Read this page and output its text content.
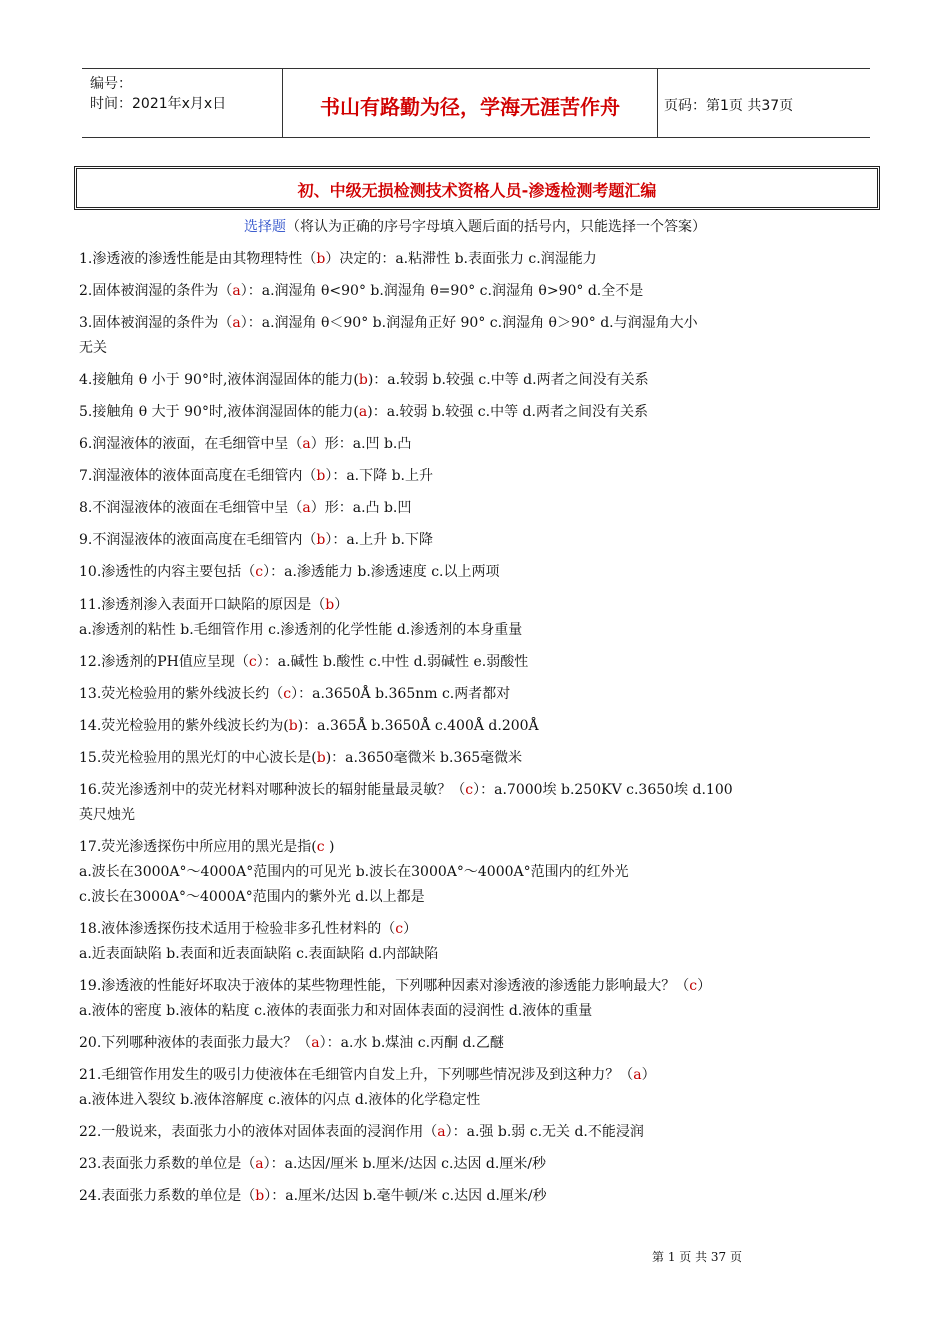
编号：
时间：2021年x月x日	书山有路勤为径，学海无涯苦作舟	页码：第1页 共37页
初、中级无损检测技术资格人员-渗透检测考题汇编
选择题（将认为正确的序号字母填入题后面的括号内，只能选择一个答案）
1.渗透液的渗透性能是由其物理特性（b）决定的：a.粘滞性 b.表面张力 c.润湿能力
2.固体被润湿的条件为（a）：a.润湿角 θ<90° b.润湿角 θ=90° c.润湿角 θ>90° d.全不是
3.固体被润湿的条件为（a）：a.润湿角 θ＜90° b.润湿角正好 90° c.润湿角 θ＞90° d.与润湿角大小
无关
4.接触角 θ 小于 90°时,液体润湿固体的能力(b)：a.较弱 b.较强 c.中等 d.两者之间没有关系
5.接触角 θ 大于 90°时,液体润湿固体的能力(a)：a.较弱 b.较强 c.中等 d.两者之间没有关系
6.润湿液体的液面，在毛细管中呈（a）形：a.凹 b.凸
7.润湿液体的液体面高度在毛细管内（b）：a.下降 b.上升
8.不润湿液体的液面在毛细管中呈（a）形：a.凸 b.凹
9.不润湿液体的液面高度在毛细管内（b）：a.上升 b.下降
10.渗透性的内容主要包括（c）：a.渗透能力 b.渗透速度 c.以上两项
11.渗透剂渗入表面开口缺陷的原因是（b）
a.渗透剂的粘性 b.毛细管作用 c.渗透剂的化学性能 d.渗透剂的本身重量
12.渗透剂的PH值应呈现（c）：a.碱性 b.酸性 c.中性 d.弱碱性 e.弱酸性
13.荧光检验用的紫外线波长约（c）：a.3650Å b.365nm c.两者都对
14.荧光检验用的紫外线波长约为(b)：a.365Å b.3650Å c.400Å d.200Å
15.荧光检验用的黑光灯的中心波长是(b)：a.3650毫微米 b.365毫微米
16.荧光渗透剂中的荧光材料对哪种波长的辐射能量最灵敏？（c）：a.7000埃 b.250KV c.3650埃 d.100
英尺烛光
17.荧光渗透探伤中所应用的黑光是指(c )
a.波长在3000A°～4000A°范围内的可见光 b.波长在3000A°～4000A°范围内的红外光
c.波长在3000A°～4000A°范围内的紫外光 d.以上都是
18.液体渗透探伤技术适用于检验非多孔性材料的（c）
a.近表面缺陷 b.表面和近表面缺陷 c.表面缺陷 d.内部缺陷
19.渗透液的性能好坏取决于液体的某些物理性能，下列哪种因素对渗透液的渗透能力影响最大？（c）
a.液体的密度 b.液体的粘度 c.液体的表面张力和对固体表面的浸润性 d.液体的重量
20.下列哪种液体的表面张力最大？（a）：a.水 b.煤油 c.丙酮 d.乙醚
21.毛细管作用发生的吸引力使液体在毛细管内自发上升，下列哪些情况涉及到这种力？（a）
a.液体进入裂纹 b.液体溶解度 c.液体的闪点 d.液体的化学稳定性
22.一般说来，表面张力小的液体对固体表面的浸润作用（a）：a.强 b.弱 c.无关 d.不能浸润
23.表面张力系数的单位是（a）：a.达因/厘米 b.厘米/达因 c.达因 d.厘米/秒
24.表面张力系数的单位是（b）：a.厘米/达因 b.毫牛顿/米 c.达因 d.厘米/秒
第 1 页 共 37 页
